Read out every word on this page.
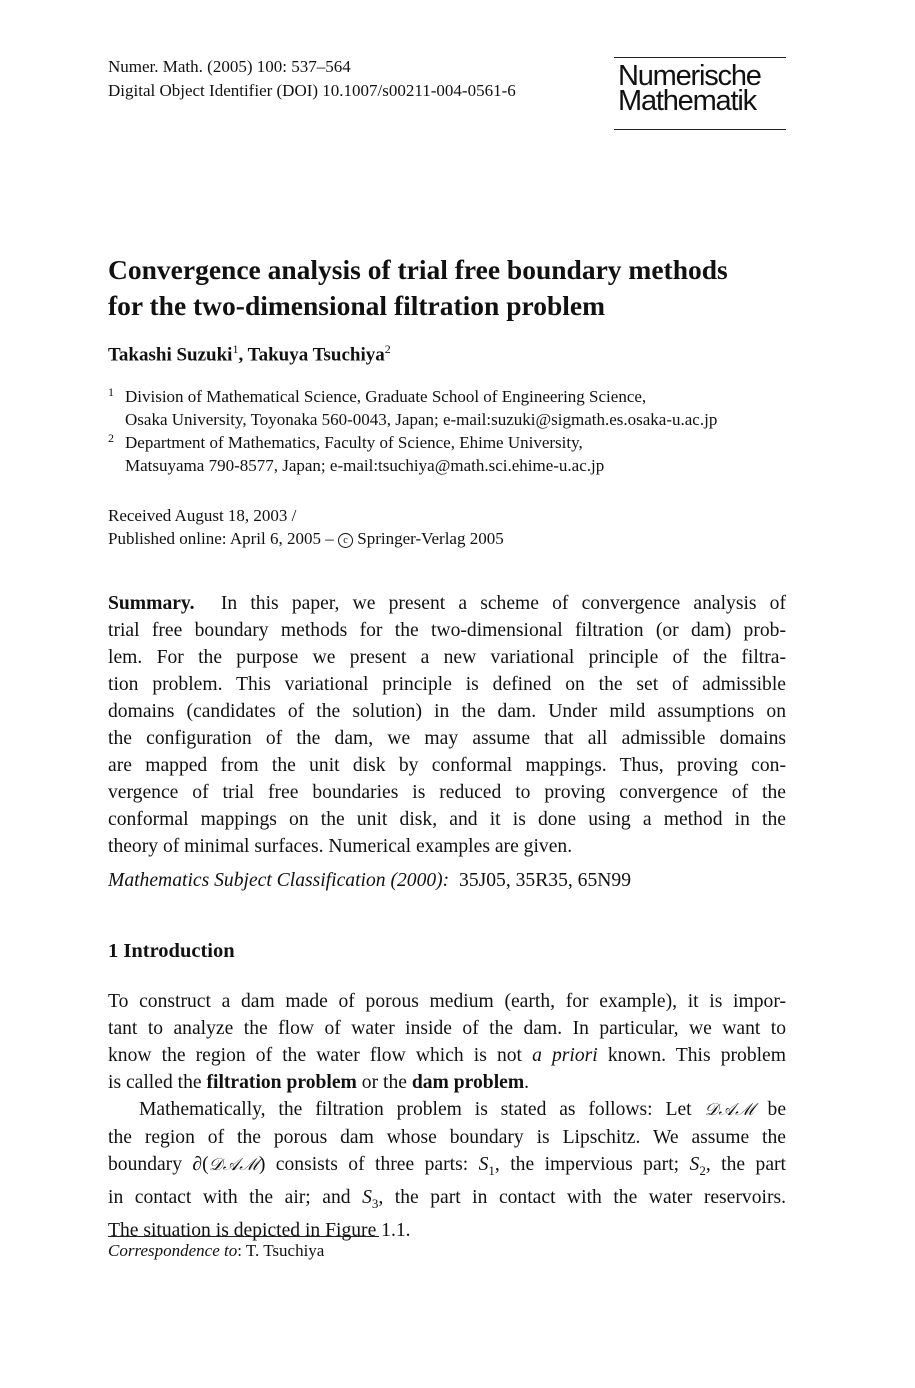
Numer. Math. (2005) 100: 537–564
Digital Object Identifier (DOI) 10.1007/s00211-004-0561-6	Numerische
Mathematik
Convergence analysis of trial free boundary methods
for the two-dimensional filtration problem
Takashi Suzuki$^1$, Takuya Tsuchiya$^2$
1 Division of Mathematical Science, Graduate School of Engineering Science,
Osaka University, Toyonaka 560-0043, Japan; e-mail:suzuki@sigmath.es.osaka-u.ac.jp
2 Department of Mathematics, Faculty of Science, Ehime University,
Matsuyama 790-8577, Japan; e-mail:tsuchiya@math.sci.ehime-u.ac.jp
Received August 18, 2003 /
Published online: April 6, 2005 – c Springer-Verlag 2005
Summary. In this paper, we present a scheme of convergence analysis of
trial free boundary methods for the two-dimensional filtration (or dam) prob-
lem. For the purpose we present a new variational principle of the filtra-
tion problem. This variational principle is defined on the set of admissible
domains (candidates of the solution) in the dam. Under mild assumptions on
the configuration of the dam, we may assume that all admissible domains
are mapped from the unit disk by conformal mappings. Thus, proving con-
vergence of trial free boundaries is reduced to proving convergence of the
conformal mappings on the unit disk, and it is done using a method in the
theory of minimal surfaces. Numerical examples are given.
Mathematics Subject Classification (2000): 35J05, 35R35, 65N99
1 Introduction
To construct a dam made of porous medium (earth, for example), it is impor-
tant to analyze the flow of water inside of the dam. In particular, we want to
know the region of the water flow which is not a priori known. This problem
is called the filtration problem or the dam problem.
Mathematically, the filtration problem is stated as follows: Let 𝒟𝒜ℳ be
the region of the porous dam whose boundary is Lipschitz. We assume the
boundary ∂(𝒟𝒜ℳ) consists of three parts: $S_1$, the impervious part; $S_2$, the part
in contact with the air; and $S_3$, the part in contact with the water reservoirs.
The situation is depicted in Figure 1.1.
Correspondence to: T. Tsuchiya
